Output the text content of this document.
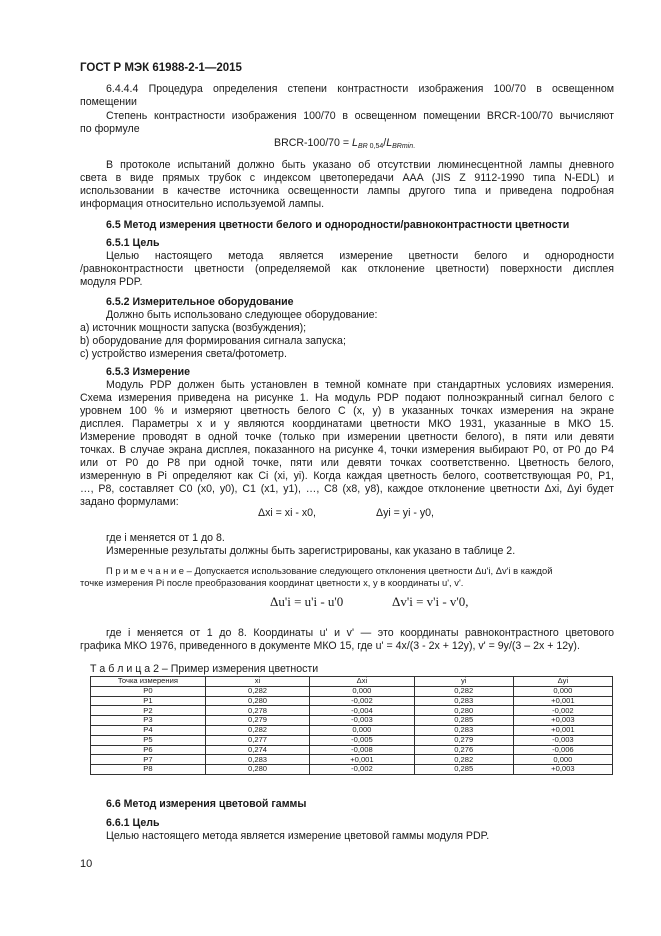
ГОСТ Р МЭК 61988-2-1—2015
6.4.4.4 Процедура определения степени контрастности изображения 100/70 в освещенном
помещении
Степень контрастности изображения 100/70 в освещенном помещении BRCR-100/70 вычисляют
по формуле
BRCR-100/70 = $L_{BR 0,54}/L_{BRmin.}$
В протоколе испытаний должно быть указано об отсутствии люминесцентной лампы дневного
света в виде прямых трубок с индексом цветопередачи AAA (JIS Z 9112-1990 типа N-EDL) и
использовании в качестве источника освещенности лампы другого типа и приведена подробная
информация относительно используемой лампы.
6.5 Метод измерения цветности белого и однородности/равноконтрастности цветности
6.5.1 Цель
Целью настоящего метода является измерение цветности белого и однородности
/равноконтрастности цветности (определяемой как отклонение цветности) поверхности дисплея
модуля PDP.
6.5.2 Измерительное оборудование
Должно быть использовано следующее оборудование:
a) источник мощности запуска (возбуждения);
b) оборудование для формирования сигнала запуска;
c) устройство измерения света/фотометр.
6.5.3 Измерение
Модуль PDP должен быть установлен в темной комнате при стандартных условиях измерения.
Схема измерения приведена на рисунке 1. На модуль PDP подают полноэкранный сигнал белого с
уровнем 100 % и измеряют цветность белого C (x, y) в указанных точках измерения на экране
дисплея. Параметры x и y являются координатами цветности МКО 1931, указанные в МКО 15.
Измерение проводят в одной точке (только при измерении цветности белого), в пяти или девяти
точках. В случае экрана дисплея, показанного на рисунке 4, точки измерения выбирают P0, от P0 до P4
или от P0 до P8 при одной точке, пяти или девяти точках соответственно. Цветность белого,
измеренную в Pi определяют как Ci (xi, yi). Когда каждая цветность белого, соответствующая P0, P1,
…, P8, составляет C0 (x0, y0), C1 (x1, y1), …, C8 (x8, y8), каждое отклонение цветности Δxi, Δyi будет
задано формулами:
Δxi = xi - x0,	Δyi = yi - y0,
где i меняется от 1 до 8.
Измеренные результаты должны быть зарегистрированы, как указано в таблице 2.
П р и м е ч а н и е – Допускается использование следующего отклонения цветности Δu'i, Δv'i в каждой
точке измерения Pi после преобразования координат цветности x, y в координаты u', v'.
Δu'i = u'i - u'0	Δv'i = v'i - v'0,
где i меняется от 1 до 8. Координаты u' и v' — это координаты равноконтрастного цветового
графика МКО 1976, приведенного в документе МКО 15, где u' = 4x/(3 - 2x + 12y), v' = 9y/(3 – 2x + 12y).
Т а б л и ц а 2 – Пример измерения цветности
Точка измерения	xi	Δxi	yi	Δyi
P0	0,282	0,000	0,282	0,000
P1	0,280	-0,002	0,283	+0,001
P2	0,278	-0,004	0,280	-0,002
P3	0,279	-0,003	0,285	+0,003
P4	0,282	0,000	0,283	+0,001
P5	0,277	-0,005	0,279	-0,003
P6	0,274	-0,008	0,276	-0,006
P7	0,283	+0,001	0,282	0,000
P8	0,280	-0,002	0,285	+0,003
6.6 Метод измерения цветовой гаммы
6.6.1 Цель
Целью настоящего метода является измерение цветовой гаммы модуля PDP.
10
